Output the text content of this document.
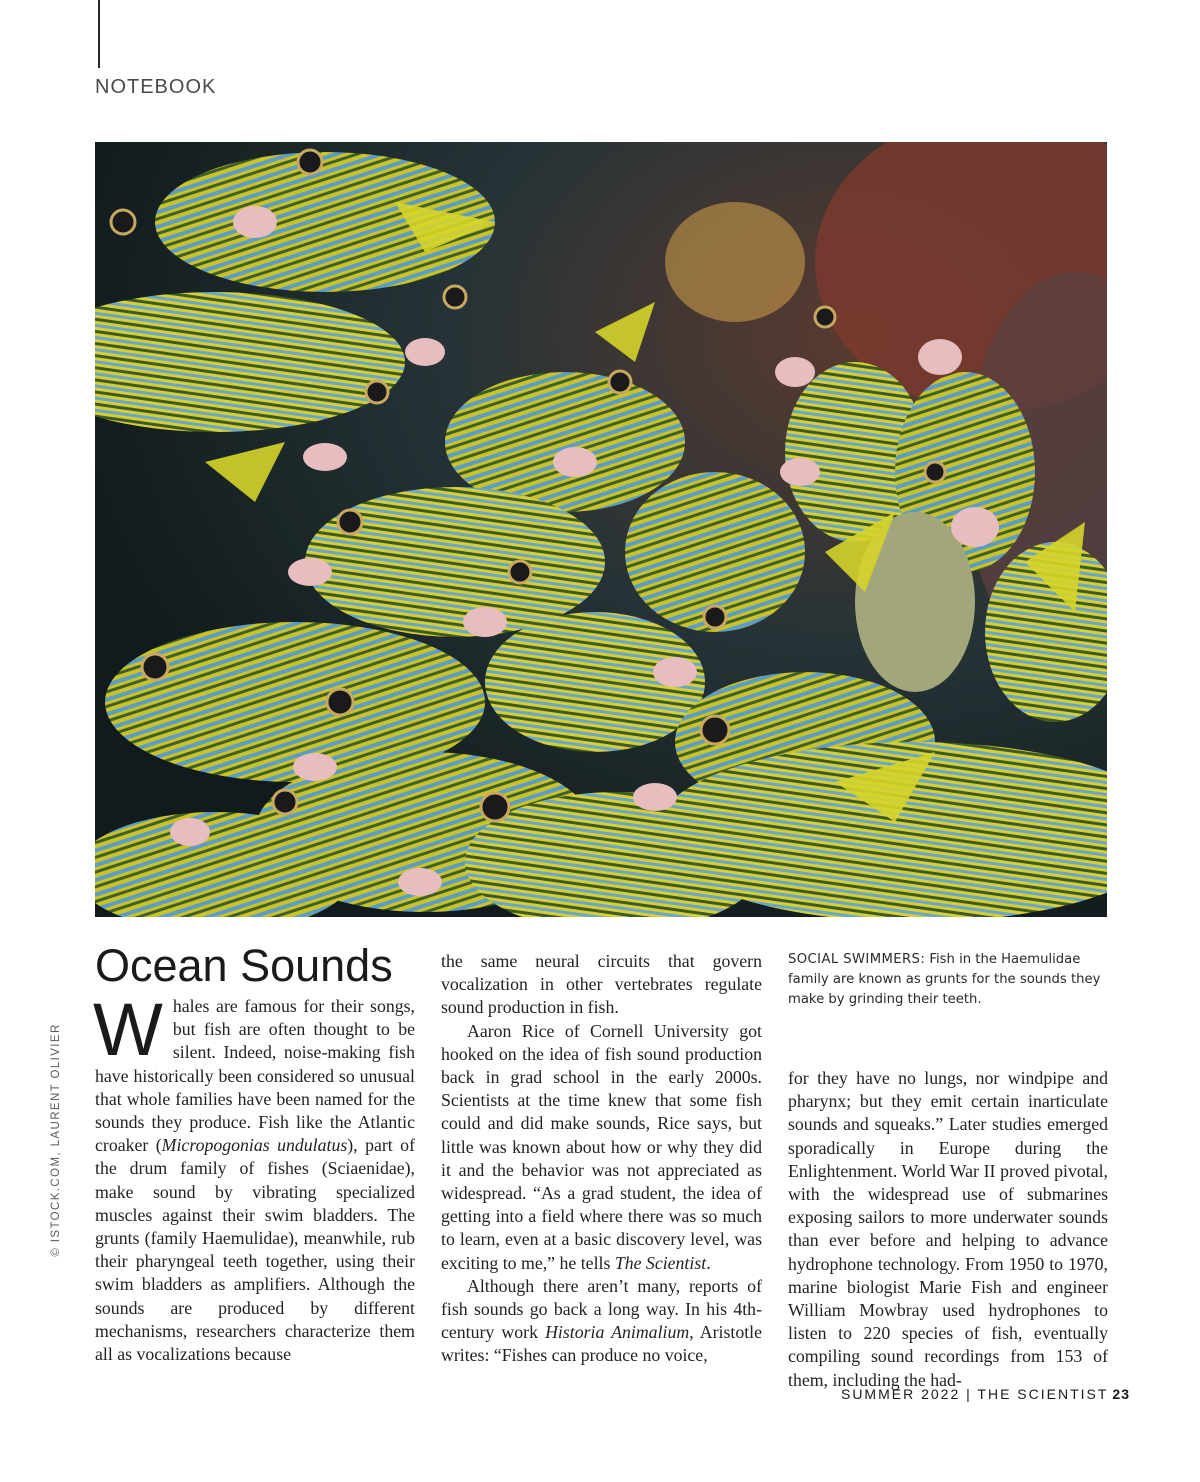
NOTEBOOK
© ISTOCK.COM, LAURENT OLIVIER
Ocean Sounds

Whales are famous for their songs, but fish are often thought to be silent. Indeed, noise-making fish have historically been considered so unusual that whole families have been named for the sounds they produce. Fish like the Atlantic croaker (Micropogonias undulatus), part of the drum family of fishes (Sciaenidae), make sound by vibrating specialized muscles against their swim bladders. The grunts (family Haemulidae), meanwhile, rub their pharyngeal teeth together, using their swim bladders as amplifiers. Although the sounds are produced by different mechanisms, researchers characterize them all as vocalizations because

the same neural circuits that govern vocalization in other vertebrates regulate sound production in fish.

Aaron Rice of Cornell University got hooked on the idea of fish sound production back in grad school in the early 2000s. Scientists at the time knew that some fish could and did make sounds, Rice says, but little was known about how or why they did it and the behavior was not appreciated as widespread. “As a grad student, the idea of getting into a field where there was so much to learn, even at a basic discovery level, was exciting to me,” he tells The Scientist.

Although there aren’t many, reports of fish sounds go back a long way. In his 4th-century work Historia Animalium, Aristotle writes: “Fishes can produce no voice,

SOCIAL SWIMMERS: Fish in the Haemulidae family are known as grunts for the sounds they make by grinding their teeth.

for they have no lungs, nor windpipe and pharynx; but they emit certain inarticulate sounds and squeaks.” Later studies emerged sporadically in Europe during the Enlightenment. World War II proved pivotal, with the widespread use of submarines exposing sailors to more underwater sounds than ever before and helping to advance hydrophone technology. From 1950 to 1970, marine biologist Marie Fish and engineer William Mowbray used hydrophones to listen to 220 species of fish, eventually compiling sound recordings from 153 of them, including the had-

SUMMER 2022 | THE SCIENTIST 23
